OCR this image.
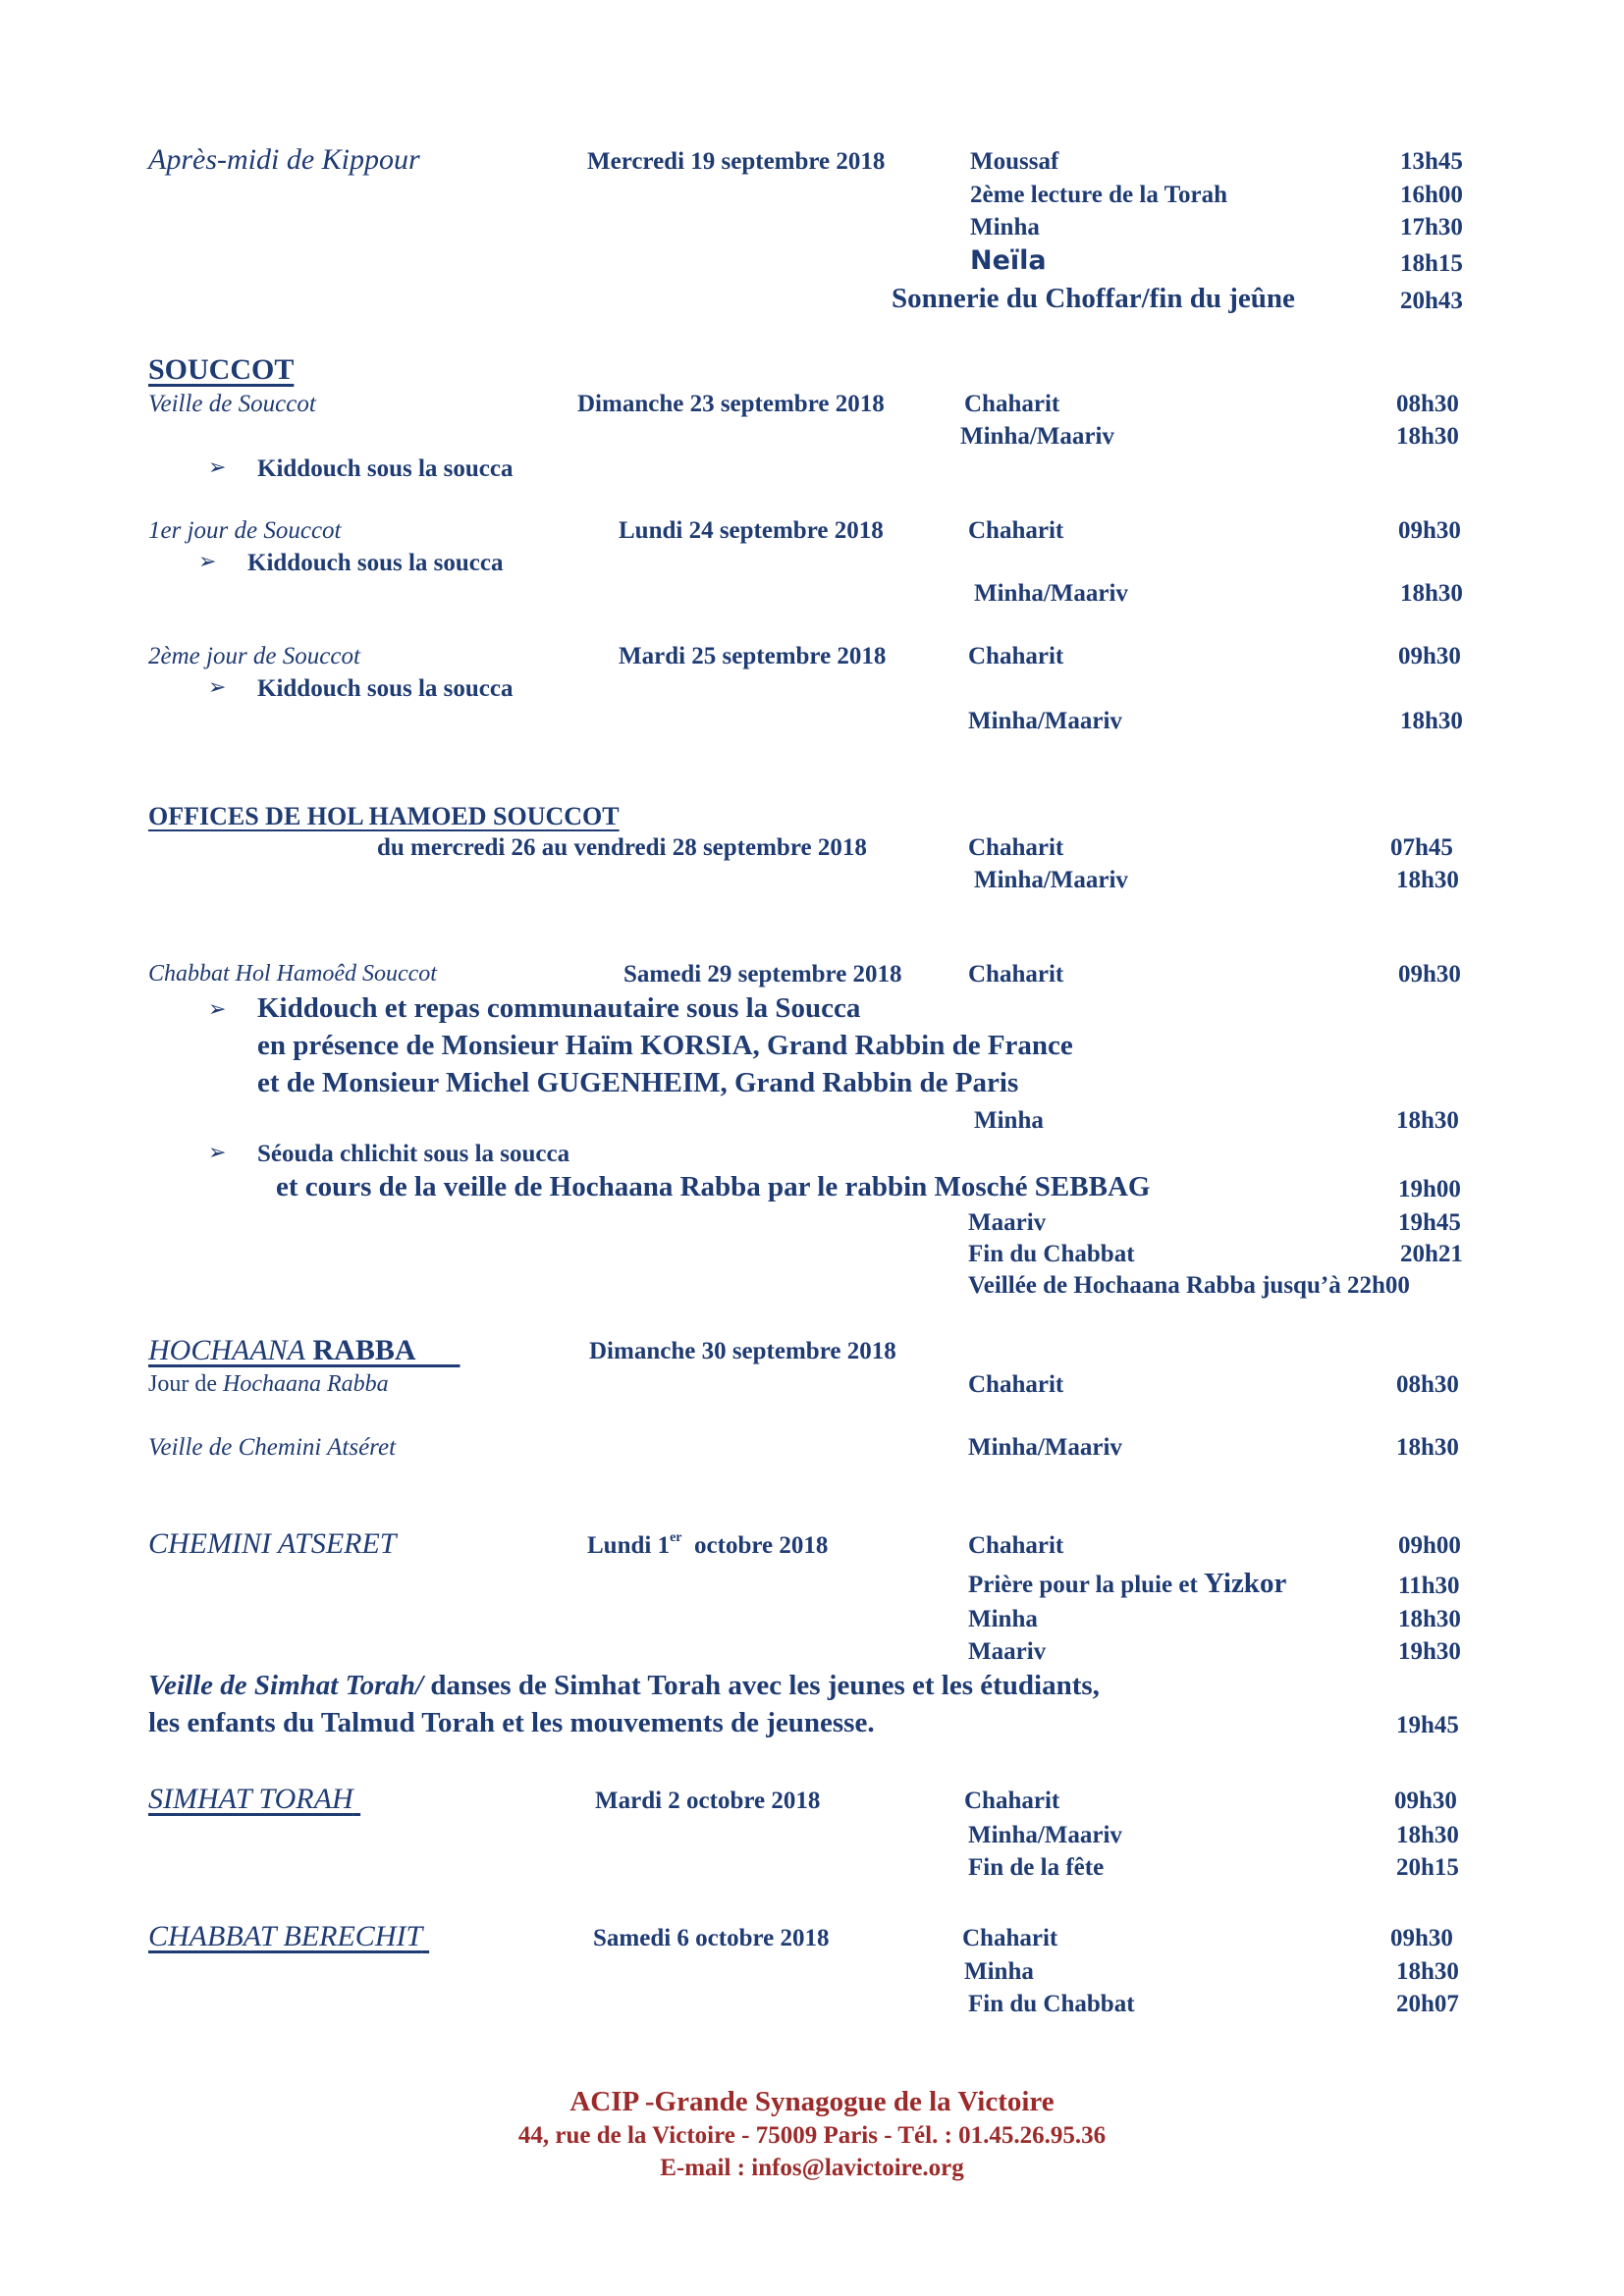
Après-midi de Kippour	Mercredi 19 septembre 2018	Moussaf	13h45
2ème lecture de la Torah	16h00
Minha	17h30
Neïla	18h15
Sonnerie du Choffar/fin du jeûne	20h43
SOUCCOT
Veille de Souccot	Dimanche 23 septembre 2018	Chaharit	08h30
Minha/Maariv	18h30
➢ Kiddouch sous la soucca
1er jour de Souccot	Lundi 24 septembre 2018	Chaharit	09h30
➢ Kiddouch sous la soucca
Minha/Maariv	18h30
2ème jour de Souccot	Mardi 25 septembre 2018	Chaharit	09h30
➢ Kiddouch sous la soucca
Minha/Maariv	18h30
OFFICES DE HOL HAMOED SOUCCOT
du mercredi 26 au vendredi 28 septembre 2018	Chaharit	07h45
Minha/Maariv	18h30
Chabbat Hol Hamoêd Souccot	Samedi 29 septembre 2018	Chaharit	09h30
➢ Kiddouch et repas communautaire sous la Soucca
en présence de Monsieur Haïm KORSIA, Grand Rabbin de France
et de Monsieur Michel GUGENHEIM, Grand Rabbin de Paris
Minha	18h30
➢ Séouda chlichit sous la soucca
et cours de la veille de Hochaana Rabba par le rabbin Mosché SEBBAG	19h00
Maariv	19h45
Fin du Chabbat	20h21
Veillée de Hochaana Rabba jusqu’à 22h00
HOCHAANA RABBA	Dimanche 30 septembre 2018
Jour de Hochaana Rabba	Chaharit	08h30
Veille de Chemini Atséret	Minha/Maariv	18h30
CHEMINI ATSERET	Lundi 1er octobre 2018	Chaharit	09h00
Prière pour la pluie et Yizkor	11h30
Minha	18h30
Maariv	19h30
Veille de Simhat Torah/ danses de Simhat Torah avec les jeunes et les étudiants,
les enfants du Talmud Torah et les mouvements de jeunesse.	19h45
SIMHAT TORAH	Mardi 2 octobre 2018	Chaharit	09h30
Minha/Maariv	18h30
Fin de la fête	20h15
CHABBAT BERECHIT	Samedi 6 octobre 2018	Chaharit	09h30
Minha	18h30
Fin du Chabbat	20h07
ACIP -Grande Synagogue de la Victoire
44, rue de la Victoire - 75009 Paris - Tél. : 01.45.26.95.36
E-mail : infos@lavictoire.org
